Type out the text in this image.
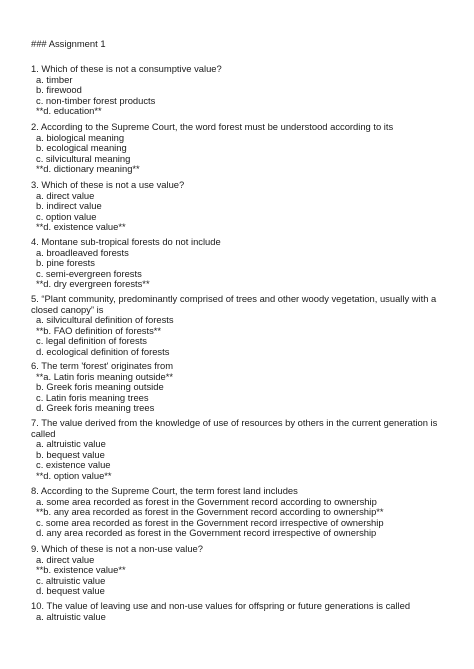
### Assignment 1
1. Which of these is not a consumptive value?
a. timber
b. firewood
c. non-timber forest products
**d. education**
2. According to the Supreme Court, the word forest must be understood according to its
a. biological meaning
b. ecological meaning
c. silvicultural meaning
**d. dictionary meaning**
3. Which of these is not a use value?
a. direct value
b. indirect value
c. option value
**d. existence value**
4. Montane sub-tropical forests do not include
a. broadleaved forests
b. pine forests
c. semi-evergreen forests
**d. dry evergreen forests**
5. “Plant community, predominantly comprised of trees and other woody vegetation, usually with a closed canopy” is
a. silvicultural definition of forests
**b. FAO definition of forests**
c. legal definition of forests
d. ecological definition of forests
6. The term 'forest' originates from
**a. Latin foris meaning outside**
b. Greek foris meaning outside
c. Latin foris meaning trees
d. Greek foris meaning trees
7. The value derived from the knowledge of use of resources by others in the current generation is called
a. altruistic value
b. bequest value
c. existence value
**d. option value**
8. According to the Supreme Court, the term forest land includes
a. some area recorded as forest in the Government record according to ownership
**b. any area recorded as forest in the Government record according to ownership**
c. some area recorded as forest in the Government record irrespective of ownership
d. any area recorded as forest in the Government record irrespective of ownership
9. Which of these is not a non-use value?
a. direct value
**b. existence value**
c. altruistic value
d. bequest value
10. The value of leaving use and non-use values for offspring or future generations is called
a. altruistic value
